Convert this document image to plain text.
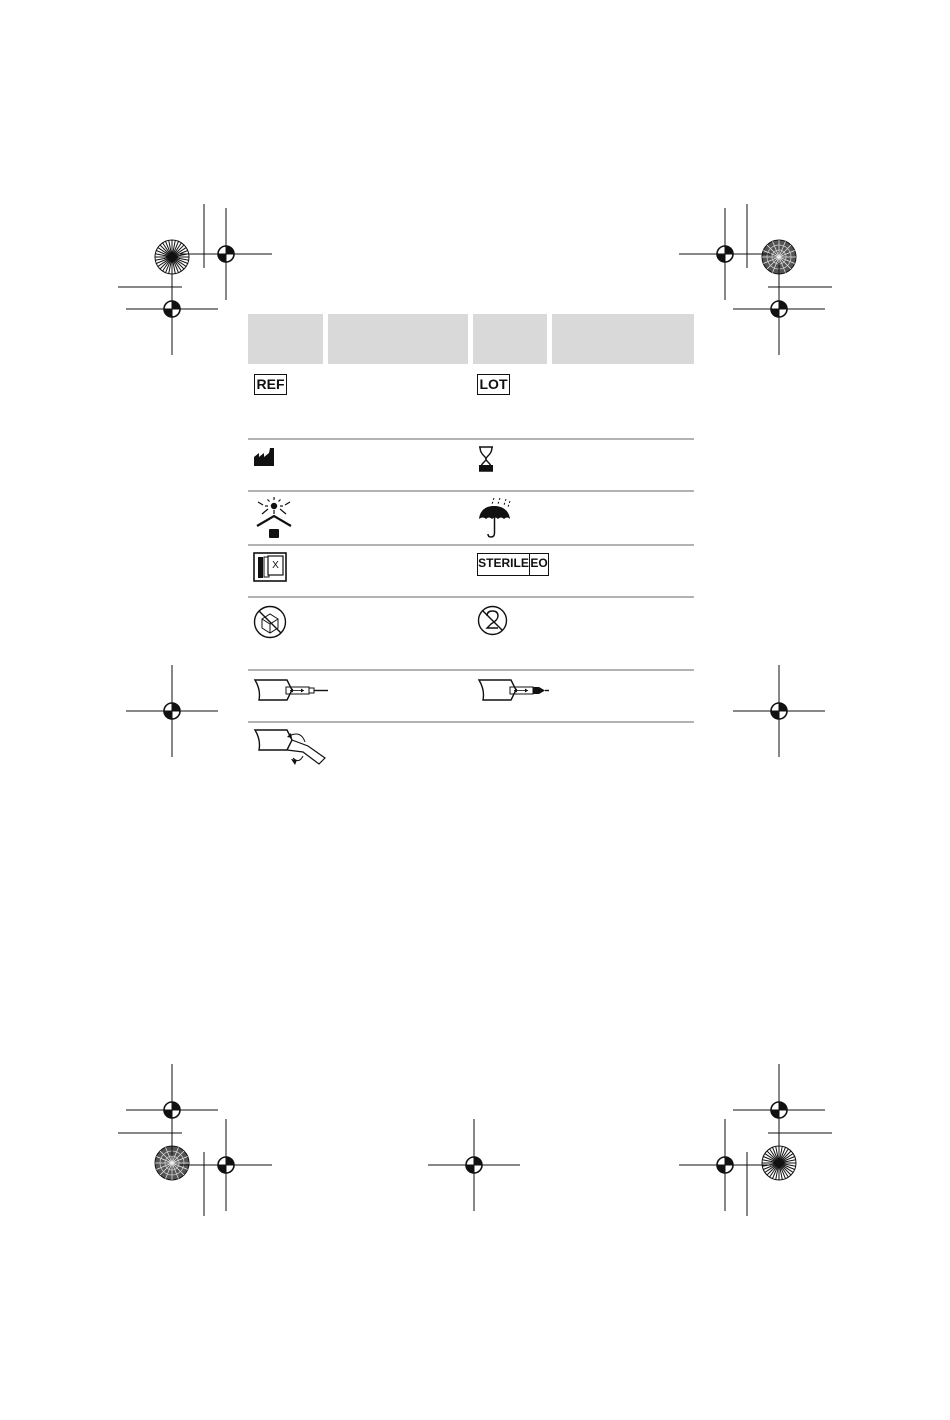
REF	LOT
X	STERILE EO
